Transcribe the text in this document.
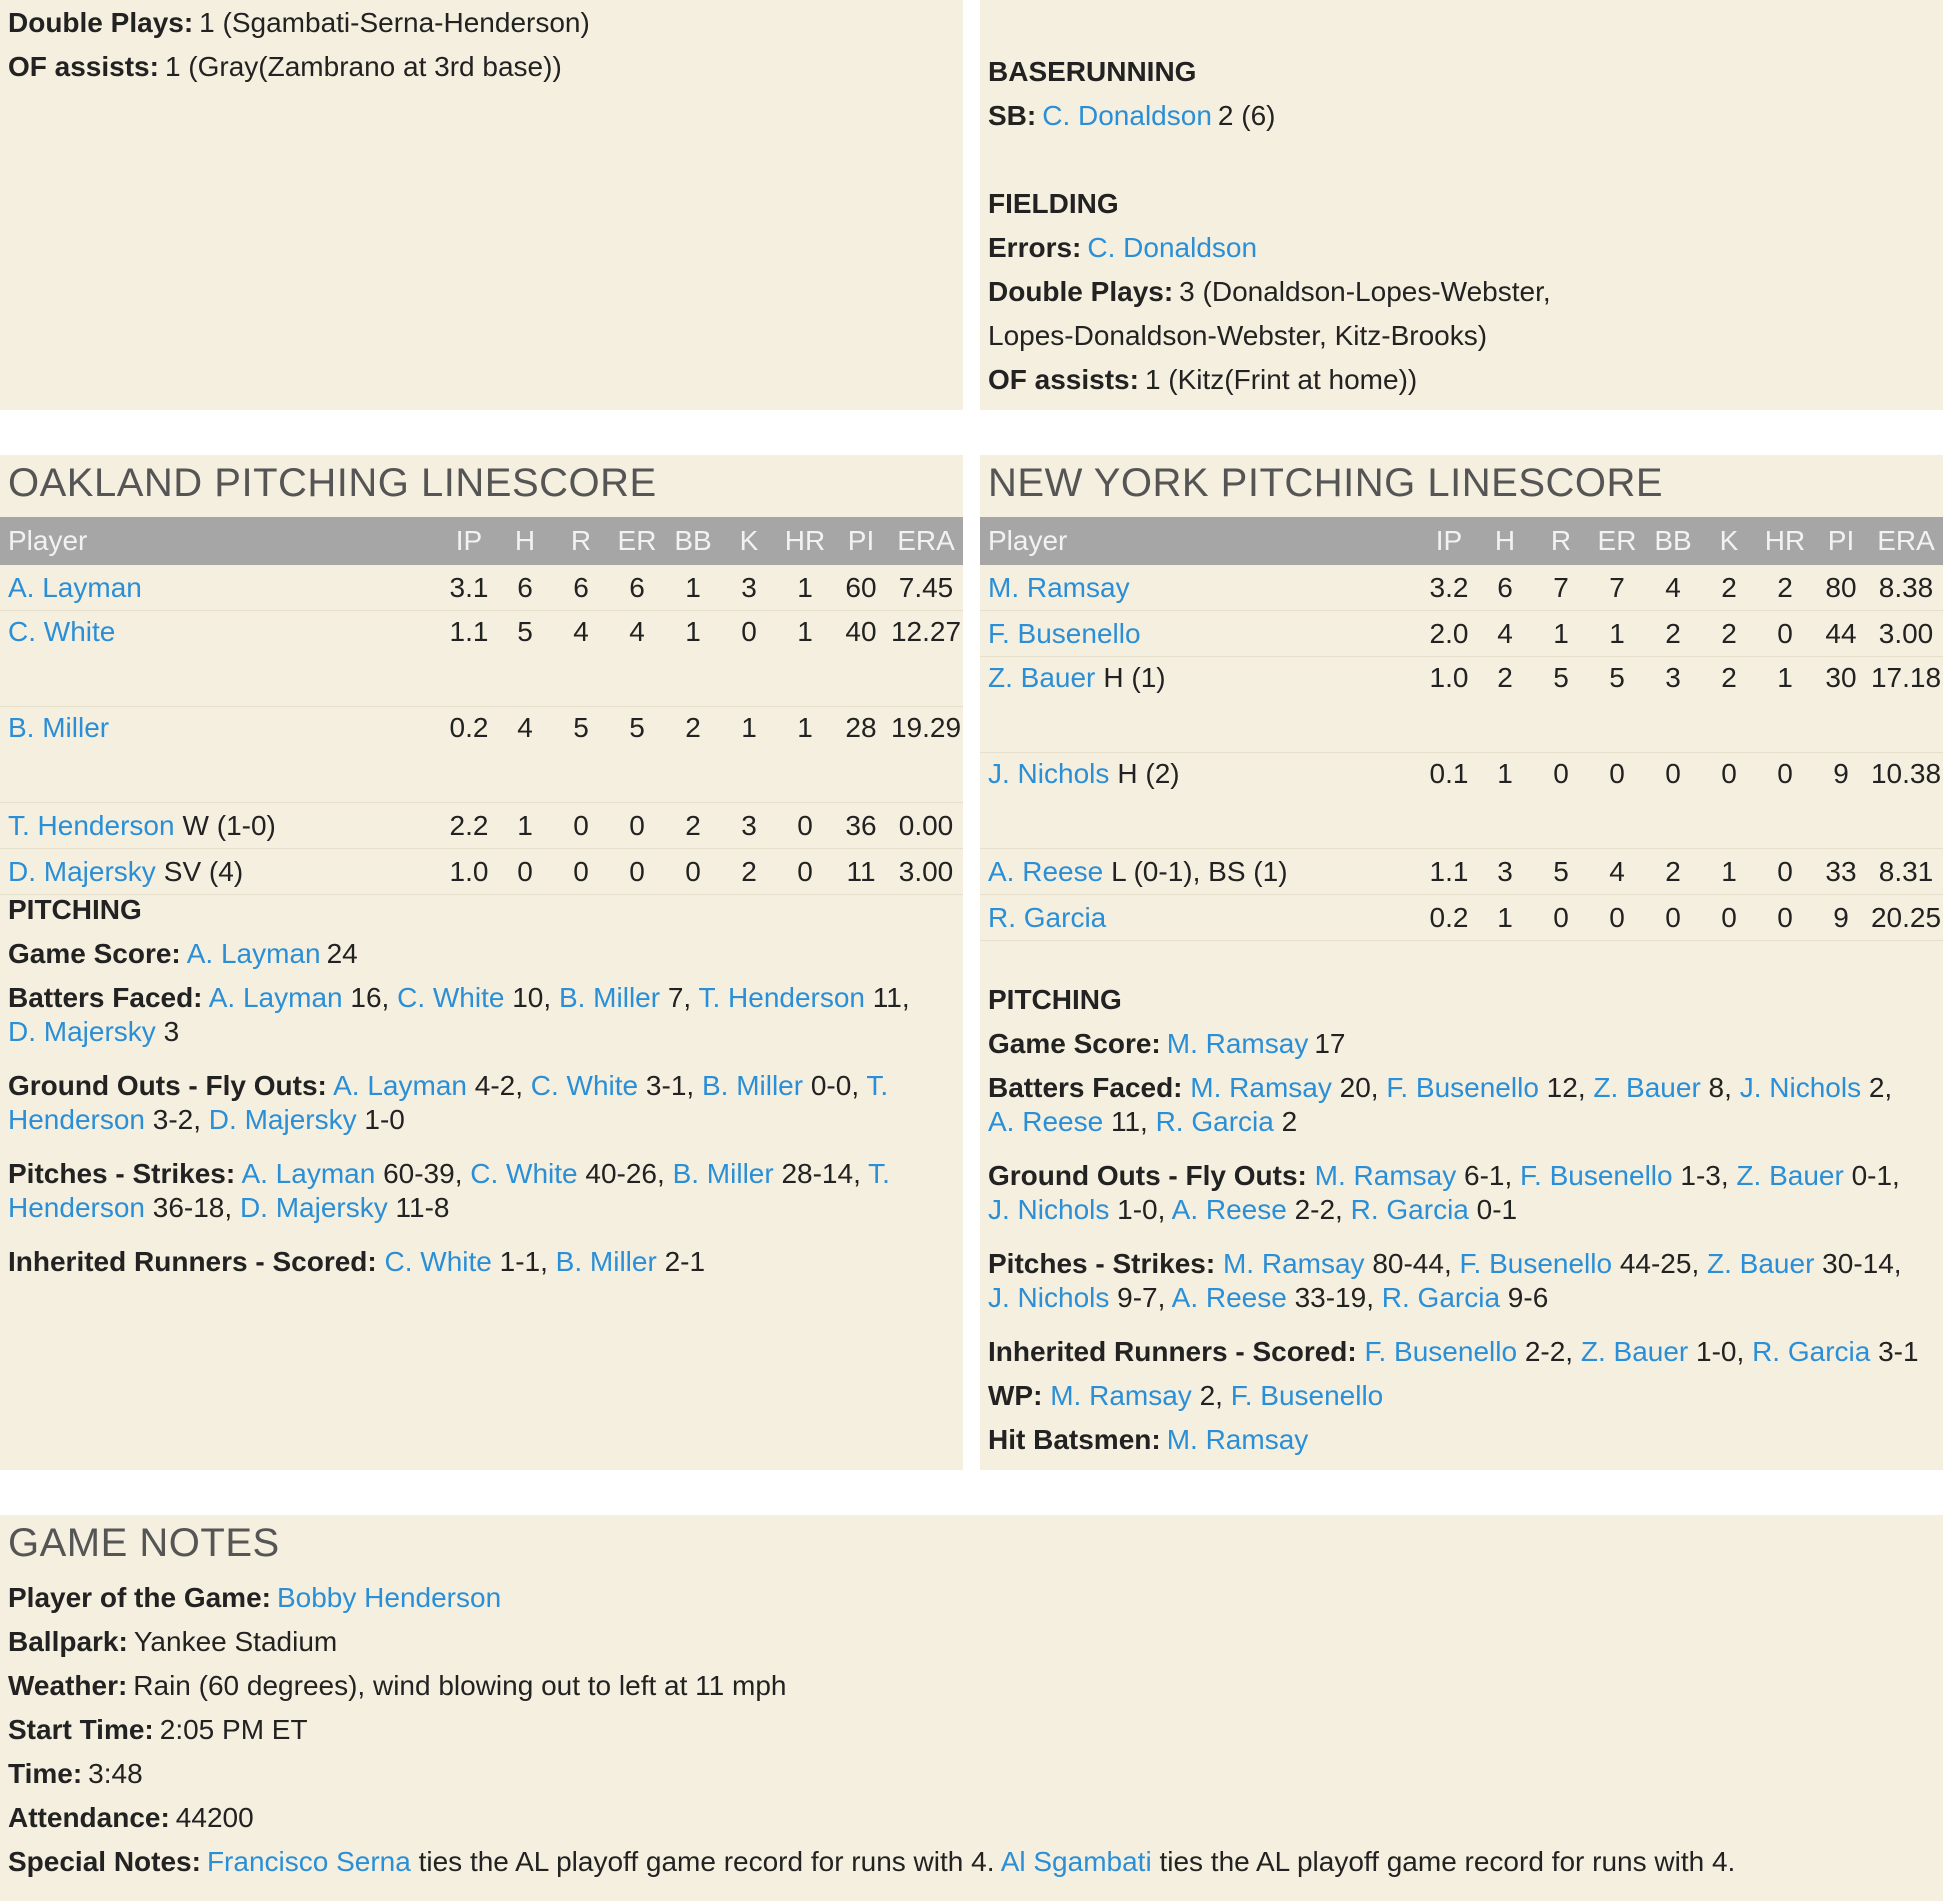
Double Plays: 1 (Sgambati-Serna-Henderson)
OF assists: 1 (Gray(Zambrano at 3rd base))	BASERUNNING
SB: C. Donaldson 2 (6)
FIELDING
Errors: C. Donaldson
Double Plays: 3 (Donaldson-Lopes-Webster,
Lopes-Donaldson-Webster, Kitz-Brooks)
OF assists: 1 (Kitz(Frint at home))
OAKLAND PITCHING LINESCORE
Player	IP	H	R	ER	BB	K	HR	PI	ERA
A. Layman	3.1	6	6	6	1	3	1	60	7.45
C. White	1.1	5	4	4	1	0	1	40	12.27
B. Miller	0.2	4	5	5	2	1	1	28	19.29
T. Henderson W (1-0)	2.2	1	0	0	2	3	0	36	0.00
D. Majersky SV (4)	1.0	0	0	0	0	2	0	11	3.00
PITCHING
Game Score: A. Layman 24
Batters Faced: A. Layman 16, C. White 10, B. Miller 7, T. Henderson 11,
D. Majersky 3
Ground Outs - Fly Outs: A. Layman 4-2, C. White 3-1, B. Miller 0-0, T.
Henderson 3-2, D. Majersky 1-0
Pitches - Strikes: A. Layman 60-39, C. White 40-26, B. Miller 28-14, T.
Henderson 36-18, D. Majersky 11-8
Inherited Runners - Scored: C. White 1-1, B. Miller 2-1
NEW YORK PITCHING LINESCORE
Player	IP	H	R	ER	BB	K	HR	PI	ERA
M. Ramsay	3.2	6	7	7	4	2	2	80	8.38
F. Busenello	2.0	4	1	1	2	2	0	44	3.00
Z. Bauer H (1)	1.0	2	5	5	3	2	1	30	17.18
J. Nichols H (2)	0.1	1	0	0	0	0	0	9	10.38
A. Reese L (0-1), BS (1)	1.1	3	5	4	2	1	0	33	8.31
R. Garcia	0.2	1	0	0	0	0	0	9	20.25
PITCHING
Game Score: M. Ramsay 17
Batters Faced: M. Ramsay 20, F. Busenello 12, Z. Bauer 8, J. Nichols 2,
A. Reese 11, R. Garcia 2
Ground Outs - Fly Outs: M. Ramsay 6-1, F. Busenello 1-3, Z. Bauer 0-1,
J. Nichols 1-0, A. Reese 2-2, R. Garcia 0-1
Pitches - Strikes: M. Ramsay 80-44, F. Busenello 44-25, Z. Bauer 30-14,
J. Nichols 9-7, A. Reese 33-19, R. Garcia 9-6
Inherited Runners - Scored: F. Busenello 2-2, Z. Bauer 1-0, R. Garcia 3-1
WP: M. Ramsay 2, F. Busenello
Hit Batsmen: M. Ramsay
GAME NOTES
Player of the Game: Bobby Henderson
Ballpark: Yankee Stadium
Weather: Rain (60 degrees), wind blowing out to left at 11 mph
Start Time: 2:05 PM ET
Time: 3:48
Attendance: 44200
Special Notes: Francisco Serna ties the AL playoff game record for runs with 4. Al Sgambati ties the AL playoff game record for runs with 4.
